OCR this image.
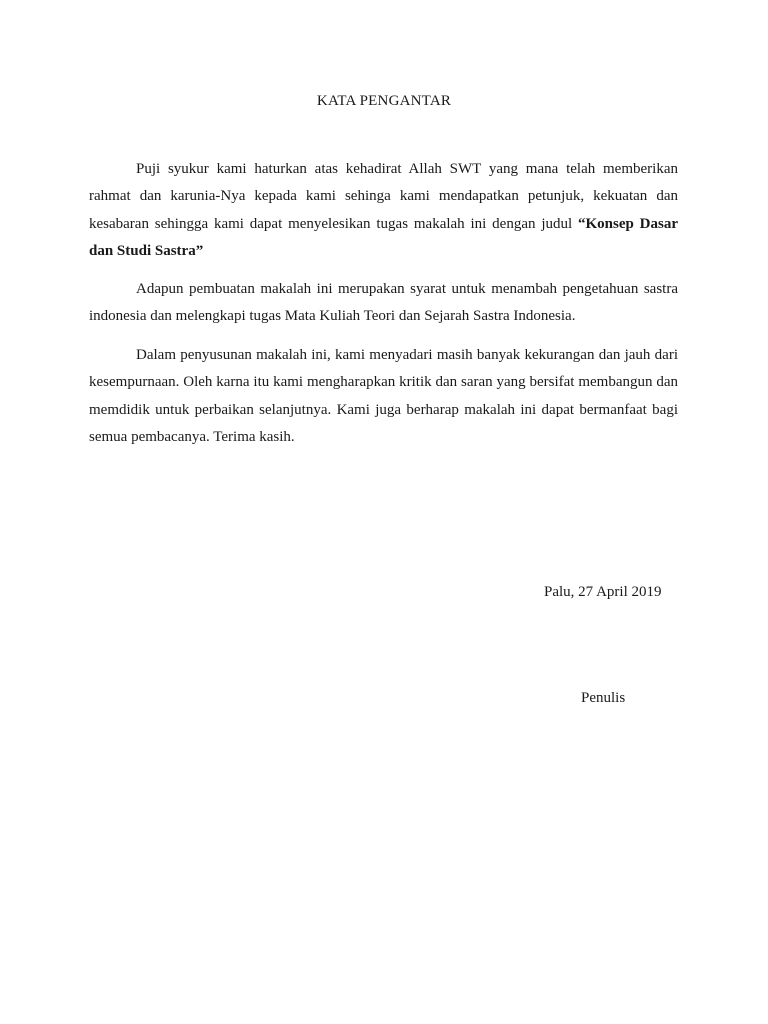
KATA PENGANTAR

Puji syukur kami haturkan atas kehadirat Allah SWT yang mana telah memberikan rahmat dan karunia-Nya kepada kami sehinga kami mendapatkan petunjuk, kekuatan dan kesabaran sehingga kami dapat menyelesikan tugas makalah ini dengan judul “Konsep Dasar dan Studi Sastra”

Adapun pembuatan makalah ini merupakan syarat untuk menambah pengetahuan sastra indonesia dan melengkapi tugas Mata Kuliah Teori dan Sejarah Sastra Indonesia.

Dalam penyusunan makalah ini, kami menyadari masih banyak kekurangan dan jauh dari kesempurnaan. Oleh karna itu kami mengharapkan kritik dan saran yang bersifat membangun dan memdidik untuk perbaikan selanjutnya. Kami juga berharap makalah ini dapat bermanfaat bagi semua pembacanya. Terima kasih.

Palu, 27 April 2019
Penulis
